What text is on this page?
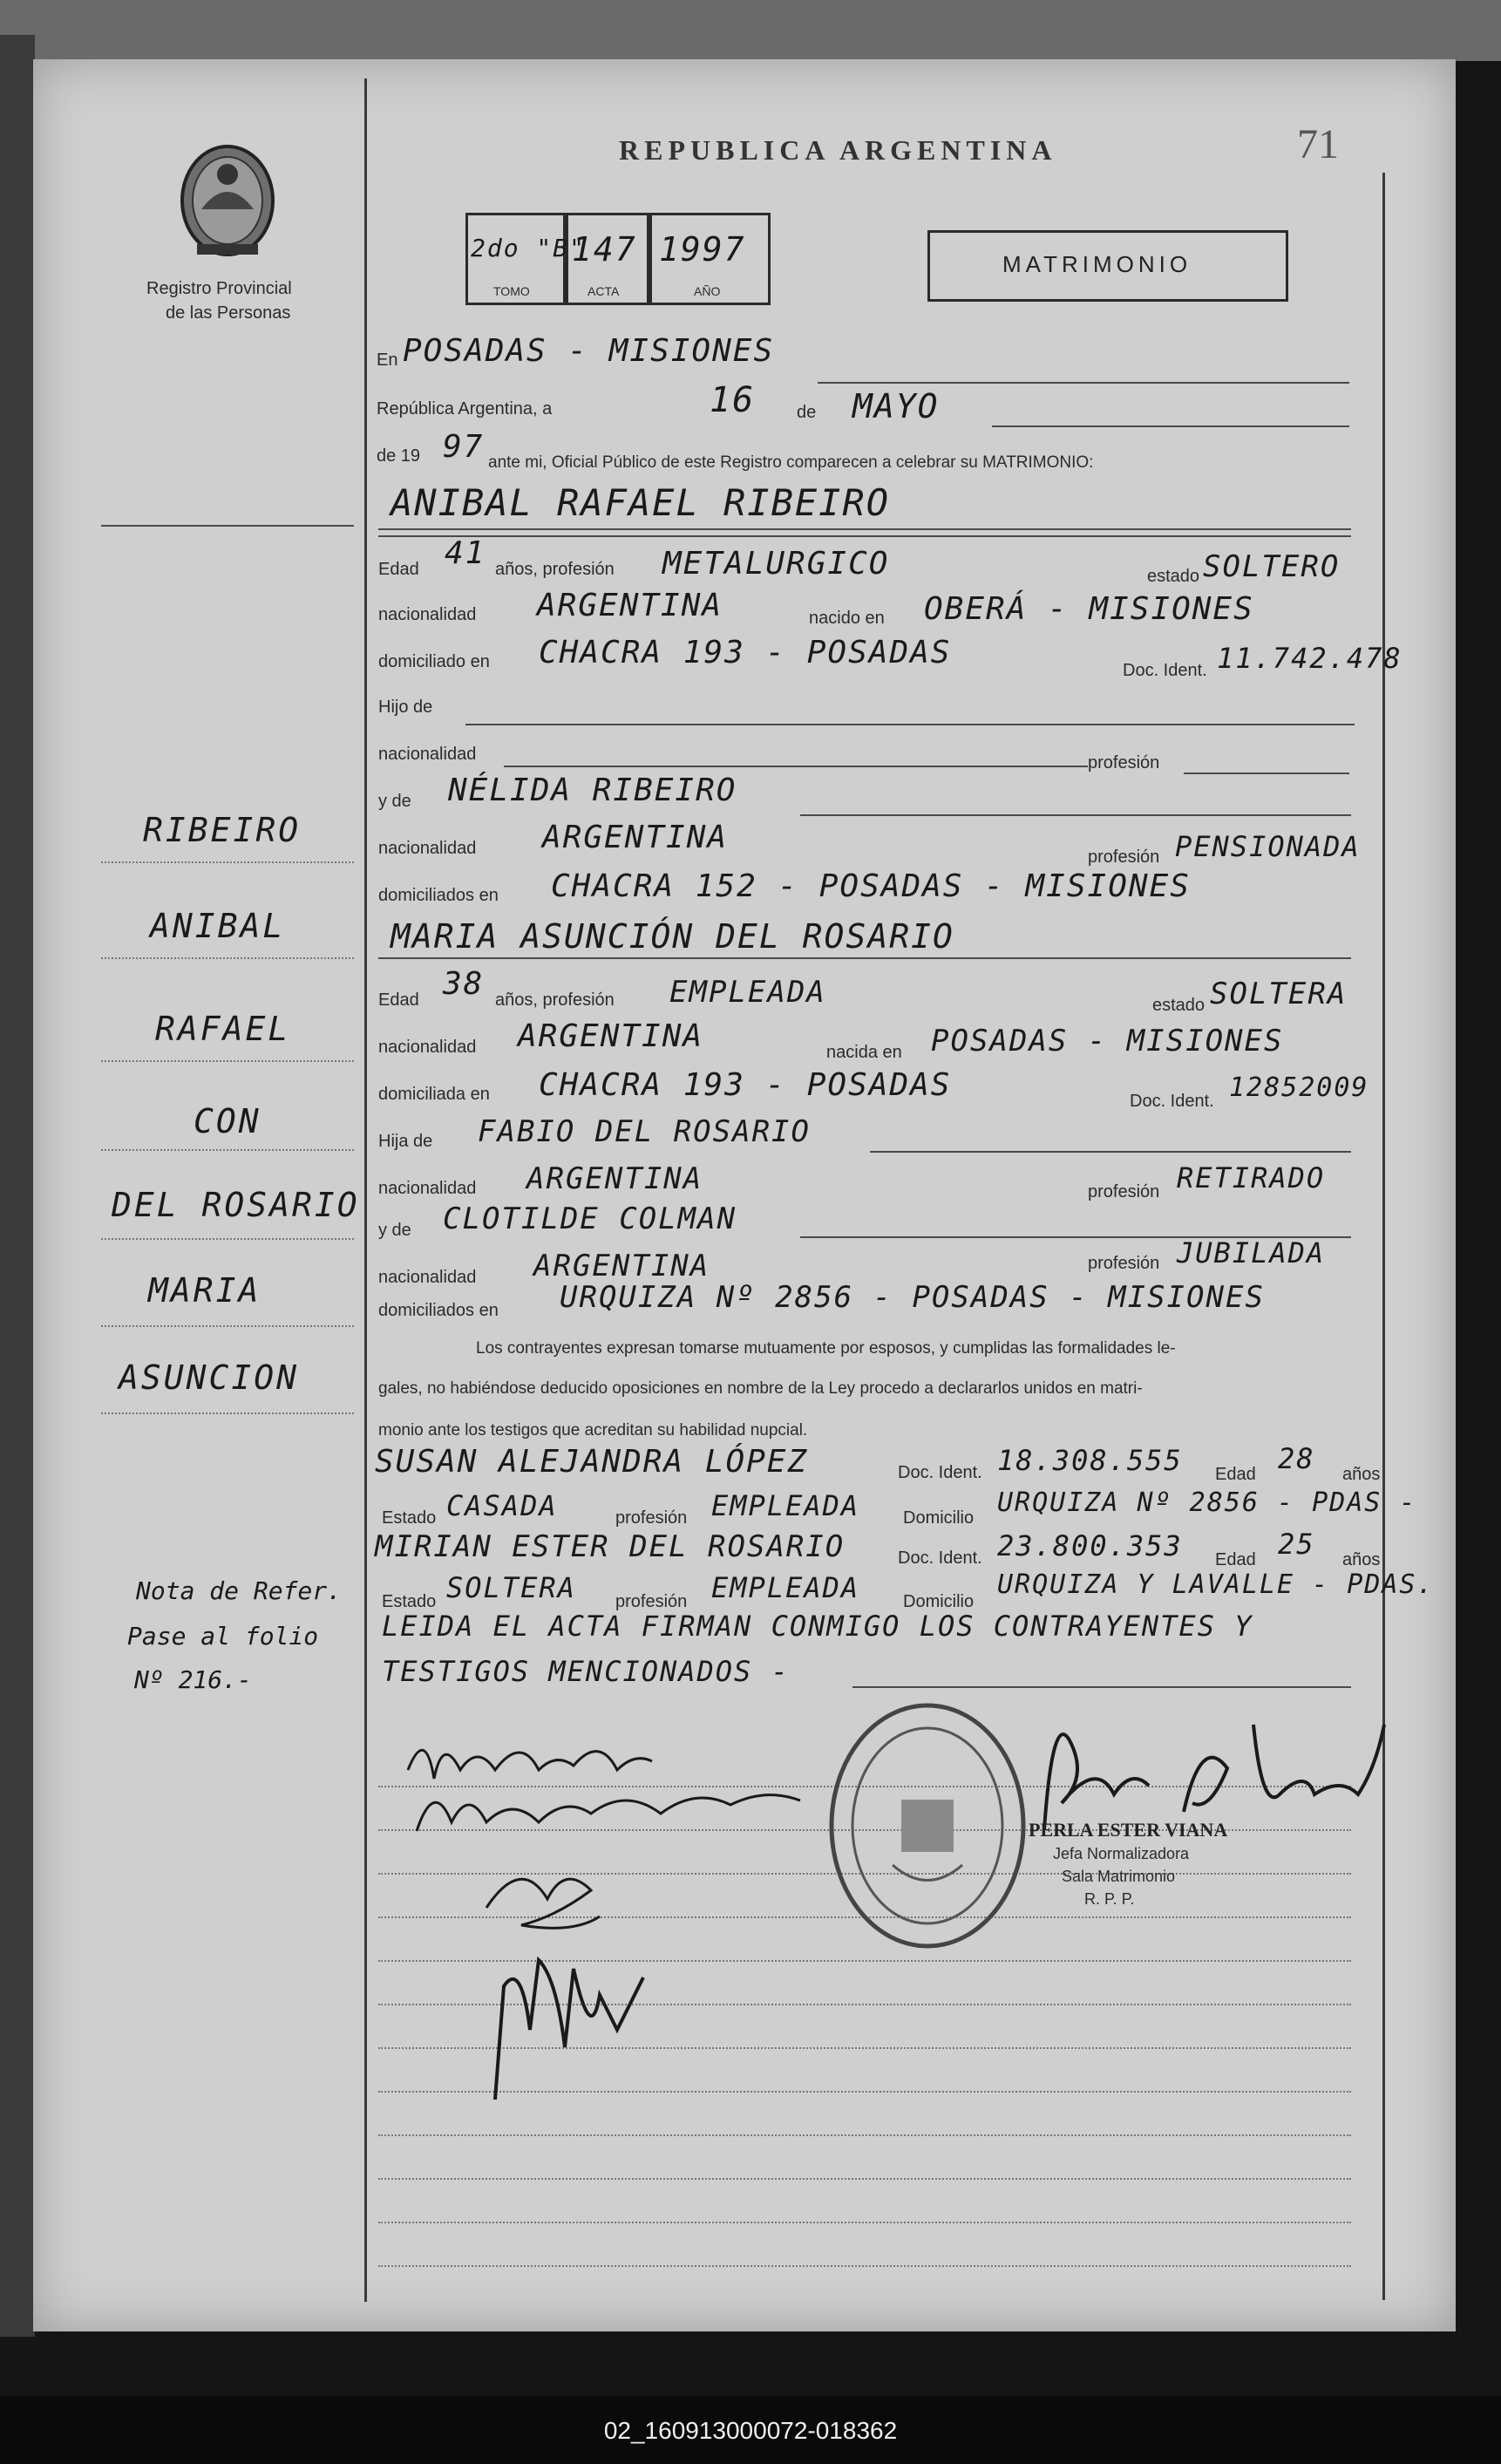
REPUBLICA ARGENTINA	71
Registro Provincial
de las Personas
2do "B"
147 1997
TOMO	ACTA	AÑO
MATRIMONIO
En POSADAS - MISIONES
República Argentina, a	16 de MAYO
de 19 97 ante mi, Oficial Público de este Registro comparecen a celebrar su MATRIMONIO:
ANIBAL RAFAEL RIBEIRO
Edad 41 años, profesión METALURGICO	estado SOLTERO
nacionalidad ARGENTINA	nacido en OBERÁ - MISIONES
domiciliado en CHACRA 193 - POSADAS	Doc. Ident. 11.742.478
Hijo de
nacionalidad	profesión
y de NÉLIDA RIBEIRO
nacionalidad ARGENTINA
profesión PENSIONADA
domiciliados en CHACRA 152 - POSADAS - MISIONES
MARIA ASUNCIÓN DEL ROSARIO
Edad 38 años, profesión EMPLEADA	estado SOLTERA
nacionalidad ARGENTINA	nacida en POSADAS - MISIONES
domiciliada en CHACRA 193 - POSADAS	Doc. Ident. 12852009
Hija de FABIO DEL ROSARIO
nacionalidad ARGENTINA	profesión RETIRADO
y de CLOTILDE COLMAN
nacionalidad ARGENTINA	profesión JUBILADA
domiciliados en URQUIZA Nº 2856 - POSADAS - MISIONES
Los contrayentes expresan tomarse mutuamente por esposos, y cumplidas las formalidades le-
gales, no habiéndose deducido oposiciones en nombre de la Ley procedo a declararlos unidos en matri-
monio ante los testigos que acreditan su habilidad nupcial.
SUSAN ALEJANDRA LÓPEZ	Doc. Ident. 18.308.555 Edad 28 años
Estado CASADA	profesión EMPLEADA Domicilio URQUIZA Nº 2856 - PDAS -
MIRIAN ESTER DEL ROSARIO	Doc. Ident. 23.800.353 Edad 25 años
Estado SOLTERA profesión EMPLEADA Domicilio
URQUIZA Y LAVALLE - PDAS.
LEIDA EL ACTA FIRMAN CONMIGO LOS CONTRAYENTES Y
TESTIGOS MENCIONADOS -
PERLA ESTER VIANA
Jefa Normalizadora
Sala Matrimonio
R. P. P.
RIBEIRO
ANIBAL
RAFAEL
CON
DEL ROSARIO
MARIA
ASUNCION
Nota de Refer.
Pase al folio
Nº 216.-
02_160913000072-018362
